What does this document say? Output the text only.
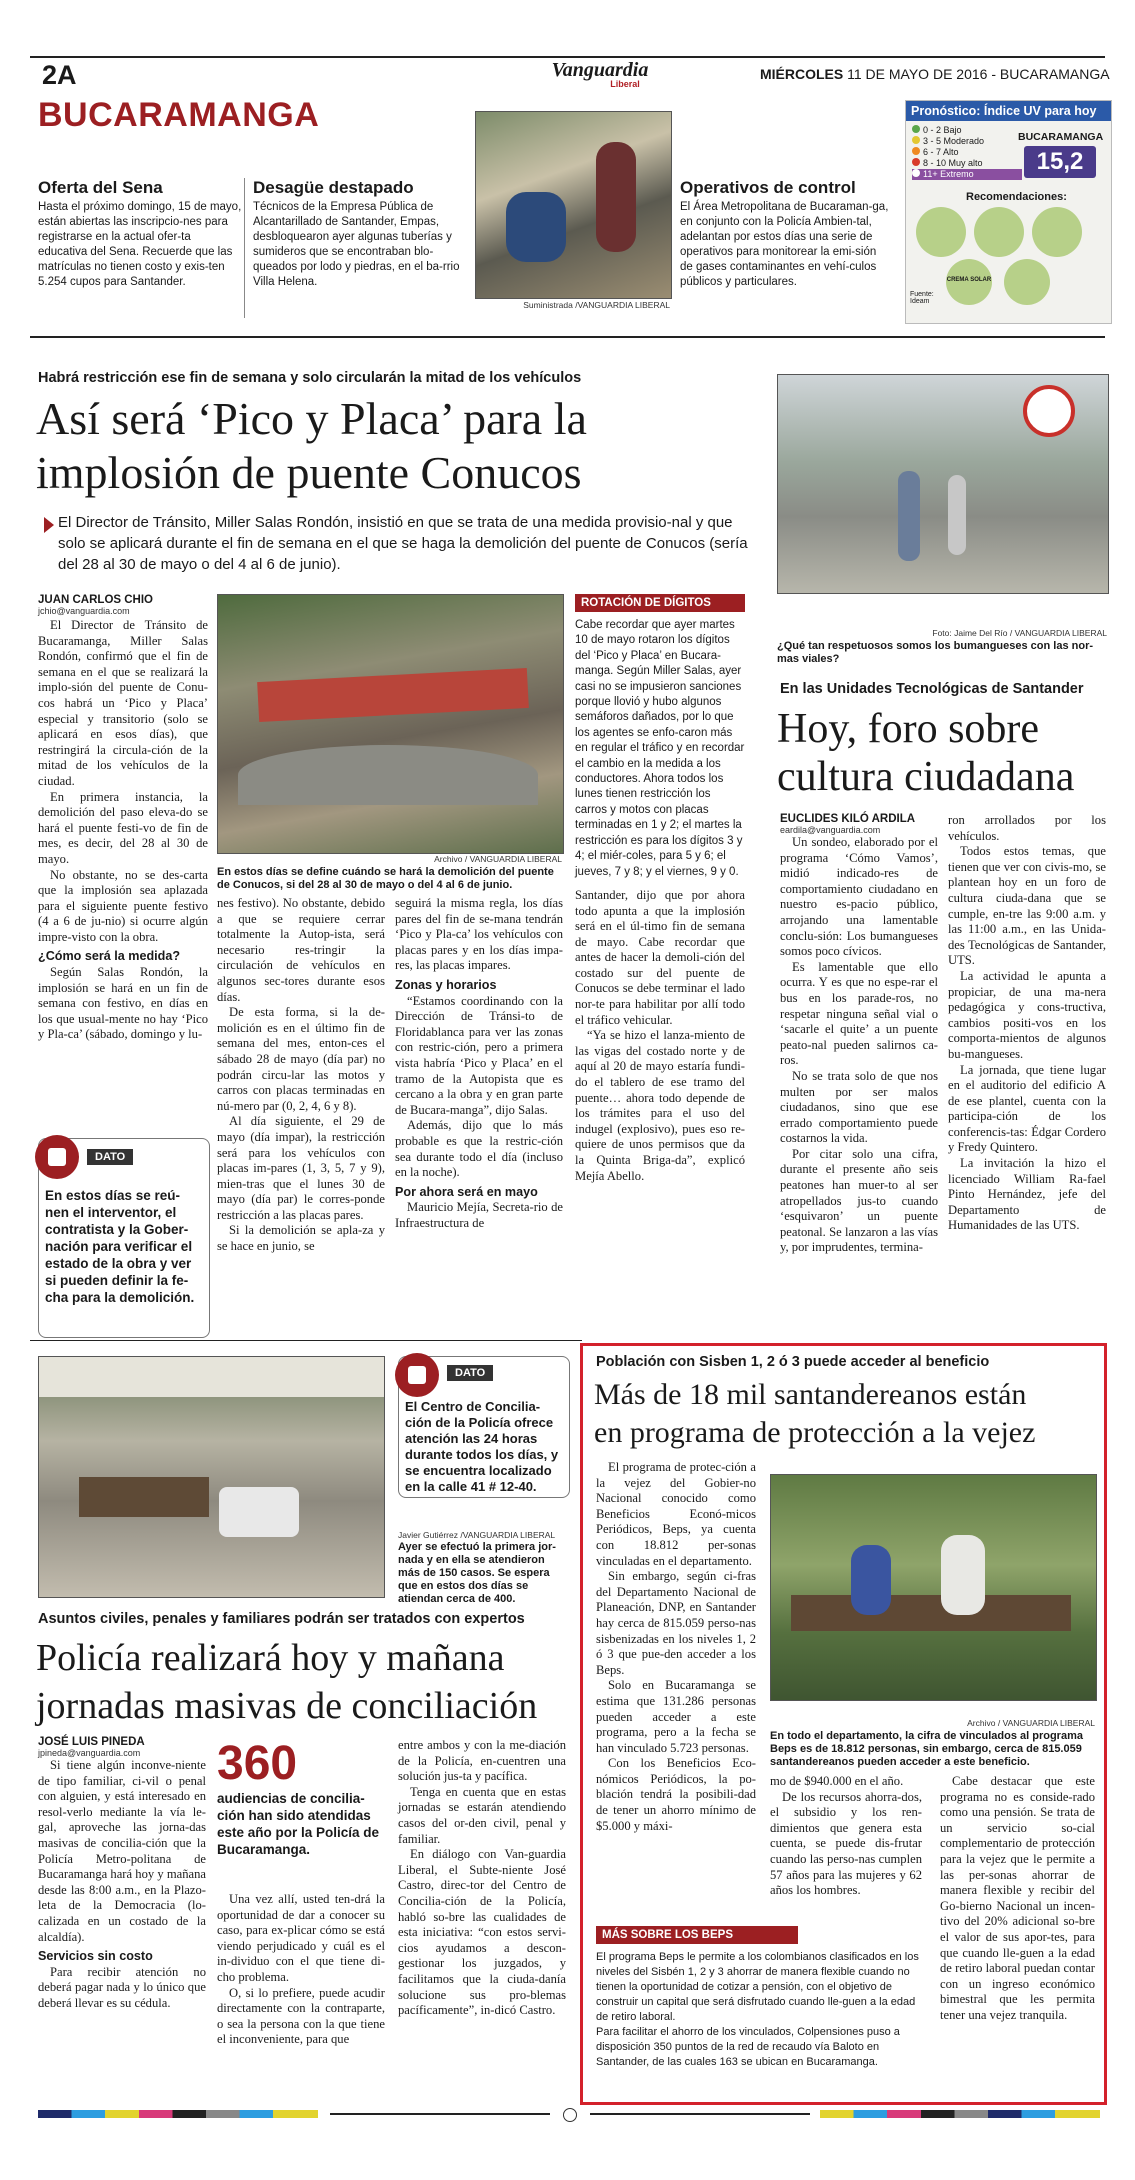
2A	Vanguardia
Liberal
MIÉRCOLES 11 DE MAYO DE 2016 - BUCARAMANGA
BUCARAMANGA
Oferta del Sena
Hasta el próximo domingo, 15 de mayo, están abiertas las inscripcio-nes para registrarse en la actual ofer-ta educativa del Sena. Recuerde que las matrículas no tienen costo y exis-ten 5.254 cupos para Santander.
Desagüe destapado
Técnicos de la Empresa Pública de Alcantarillado de Santander, Empas, desbloquearon ayer algunas tuberías y sumideros que se encontraban blo-queados por lodo y piedras, en el ba-rrio Villa Helena.
Suministrada /VANGUARDIA LIBERAL
Operativos de control
El Área Metropolitana de Bucaraman-ga, en conjunto con la Policía Ambien-tal, adelantan por estos días una serie de operativos para monitorear la emi-sión de gases contaminantes en vehí-culos públicos y particulares.
Pronóstico: Índice UV para hoy
0 - 2 Bajo
3 - 5 Moderado
6 - 7 Alto
8 - 10 Muy alto
11+ Extremo
BUCARAMANGA
15,2
Recomendaciones:
CREMA SOLAR
Fuente: Ideam
Habrá restricción ese fin de semana y solo circularán la mitad de los vehículos
Así será ‘Pico y Placa’ para la
implosión de puente Conucos
El Director de Tránsito, Miller Salas Rondón, insistió en que se trata de una medida provisio-nal y que solo se aplicará durante el fin de semana en el que se haga la demolición del puente de Conucos (sería del 28 al 30 de mayo o del 4 al 6 de junio).
JUAN CARLOS CHIO
jchio@vanguardia.com

El Director de Tránsito de Bucaramanga, Miller Salas Rondón, confirmó que el fin de semana en el que se realizará la implo-sión del puente de Conu-cos habrá un ‘Pico y Placa’ especial y transitorio (solo se aplicará en esos días), que restringirá la circula-ción de la mitad de los vehículos de la ciudad.

En primera instancia, la demolición del paso eleva-do se hará el puente festi-vo de fin de mes, es decir, del 28 al 30 de mayo.

No obstante, no se des-carta que la implosión sea aplazada para el siguiente puente festivo (4 a 6 de ju-nio) si ocurre algún impre-visto con la obra.

¿Cómo será la medida?

Según Salas Rondón, la implosión se hará en un fin de semana con festivo, en días en los que usual-mente no hay ‘Pico y Pla-ca’ (sábado, domingo y lu-

DATO
En estos días se reú-nen el interventor, el contratista y la Gober-nación para verificar el estado de la obra y ver si pueden definir la fe-cha para la demolición.
Archivo / VANGUARDIA LIBERAL
En estos días se define cuándo se hará la demolición del puente de Conucos, si del 28 al 30 de mayo o del 4 al 6 de junio.

nes festivo). No obstante, debido a que se requiere cerrar totalmente la Autop-ista, será necesario res-tringir la circulación de vehículos en algunos sec-tores durante esos días.

De esta forma, si la de-molición es en el último fin de semana del mes, enton-ces el sábado 28 de mayo (día par) no podrán circu-lar las motos y carros con placas terminadas en nú-mero par (0, 2, 4, 6 y 8).

Al día siguiente, el 29 de mayo (día impar), la restricción será para los vehículos con placas im-pares (1, 3, 5, 7 y 9), mien-tras que el lunes 30 de mayo (día par) le corres-ponde restricción a las placas pares.

Si la demolición se apla-za y se hace en junio, se

seguirá la misma regla, los días pares del fin de se-mana tendrán ‘Pico y Pla-ca’ los vehículos con placas pares y en los días impa-res, las placas impares.

Zonas y horarios

“Estamos coordinando con la Dirección de Tránsi-to de Floridablanca para ver las zonas con restric-ción, pero a primera vista habría ‘Pico y Placa’ en el tramo de la Autopista que es cercano a la obra y en gran parte de Bucara-manga”, dijo Salas.

Además, dijo que lo más probable es que la restric-ción sea durante todo el día (incluso en la noche).

Por ahora será en mayo

Mauricio Mejía, Secreta-rio de Infraestructura de

ROTACIÓN DE DÍGITOS
Cabe recordar que ayer martes 10 de mayo rotaron los dígitos del ‘Pico y Placa’ en Bucara-manga. Según Miller Salas, ayer casi no se impusieron sanciones porque llovió y hubo algunos semáforos dañados, por lo que los agentes se enfo-caron más en regular el tráfico y en recordar el cambio en la medida a los conductores. Ahora todos los lunes tienen restricción los carros y motos con placas terminadas en 1 y 2; el martes la restricción es para los dígitos 3 y 4; el miér-coles, para 5 y 6; el jueves, 7 y 8; y el viernes, 9 y 0.

Santander, dijo que por ahora todo apunta a que la implosión será en el úl-timo fin de semana de mayo. Cabe recordar que antes de hacer la demoli-ción del costado sur del puente de Conucos se debe terminar el lado nor-te para habilitar por allí todo el tráfico vehicular.

“Ya se hizo el lanza-miento de las vigas del costado norte y de aquí al 20 de mayo estaría fundi-do el tablero de ese tramo del puente… ahora todo depende de los trámites para el uso del indugel (explosivo), pues eso re-quiere de unos permisos que da la Quinta Briga-da”, explicó Mejía Abello.

Foto: Jaime Del Río / VANGUARDIA LIBERAL
¿Qué tan respetuosos somos los bumangueses con las nor-mas viales?
En las Unidades Tecnológicas de Santander
Hoy, foro sobre
cultura ciudadana
EUCLIDES KILÓ ARDILA
eardila@vanguardia.com

Un sondeo, elaborado por el programa ‘Cómo Vamos’, midió indicado-res de comportamiento ciudadano en nuestro es-pacio público, arrojando una lamentable conclu-sión: Los bumangueses somos poco cívicos.

Es lamentable que ello ocurra. Y es que no espe-rar el bus en los parade-ros, no respetar ninguna señal vial o ‘sacarle el quite’ a un puente peato-nal pueden salirnos ca-ros.

No se trata solo de que nos multen por ser malos ciudadanos, sino que ese errado comportamiento puede costarnos la vida.

Por citar solo una cifra, durante el presente año seis peatones han muer-to al ser atropellados jus-to cuando ‘esquivaron’ un puente peatonal. Se lanzaron a las vías y, por imprudentes, termina-

ron arrollados por los vehículos.

Todos estos temas, que tienen que ver con civis-mo, se plantean hoy en un foro de cultura ciuda-dana que se cumple, en-tre las 9:00 a.m. y las 11:00 a.m., en las Unida-des Tecnológicas de Santander, UTS.

La actividad le apunta a propiciar, de una ma-nera pedagógica y cons-tructiva, cambios positi-vos en los comporta-mientos de algunos bu-mangueses.

La jornada, que tiene lugar en el auditorio del edificio A de ese plantel, cuenta con la participa-ción de los conferencis-tas: Édgar Cordero y Fredy Quintero.

La invitación la hizo el licenciado William Ra-fael Pinto Hernández, jefe del Departamento de Humanidades de las UTS.

DATO
El Centro de Concilia-ción de la Policía ofrece atención las 24 horas durante todos los días, y se encuentra localizado en la calle 41 # 12-40.
Javier Gutiérrez /VANGUARDIA LIBERAL
Ayer se efectuó la primera jor-nada y en ella se atendieron más de 150 casos. Se espera que en estos dos días se atiendan cerca de 400.
Asuntos civiles, penales y familiares podrán ser tratados con expertos
Policía realizará hoy y mañana
jornadas masivas de conciliación
JOSÉ LUIS PINEDA
jpineda@vanguardia.com

Si tiene algún inconve-niente de tipo familiar, ci-vil o penal con alguien, y está interesado en resol-verlo mediante la vía le-gal, aproveche las jorna-das masivas de concilia-ción que la Policía Metro-politana de Bucaramanga hará hoy y mañana desde las 8:00 a.m., en la Plazo-leta de la Democracia (lo-calizada en un costado de la alcaldía).

Servicios sin costo

Para recibir atención no deberá pagar nada y lo único que deberá llevar es su cédula.

360
audiencias de concilia-ción han sido atendidas este año por la Policía de Bucaramanga.

Una vez allí, usted ten-drá la oportunidad de dar a conocer su caso, para ex-plicar cómo se está viendo perjudicado y cuál es el in-dividuo con el que tiene di-cho problema.

O, si lo prefiere, puede acudir directamente con la contraparte, o sea la persona con la que tiene el inconveniente, para que

entre ambos y con la me-diación de la Policía, en-cuentren una solución jus-ta y pacífica.

Tenga en cuenta que en estas jornadas se estarán atendiendo casos del or-den civil, penal y familiar.

En diálogo con Van-guardia Liberal, el Subte-niente José Castro, direc-tor del Centro de Concilia-ción de la Policía, habló so-bre las cualidades de esta iniciativa: “con estos servi-cios ayudamos a descon-gestionar los juzgados, y facilitamos que la ciuda-danía solucione sus pro-blemas pacíficamente”, in-dicó Castro.

Población con Sisben 1, 2 ó 3 puede acceder al beneficio
Más de 18 mil santandereanos están
en programa de protección a la vejez

El programa de protec-ción a la vejez del Gobier-no Nacional conocido como Beneficios Econó-micos Periódicos, Beps, ya cuenta con 18.812 per-sonas vinculadas en el departamento.

Sin embargo, según ci-fras del Departamento Nacional de Planeación, DNP, en Santander hay cerca de 815.059 perso-nas sisbenizadas en los niveles 1, 2 ó 3 que pue-den acceder a los Beps.

Solo en Bucaramanga se estima que 131.286 personas pueden acceder a este programa, pero a la fecha se han vinculado 5.723 personas.

Con los Beneficios Eco-nómicos Periódicos, la po-blación tendrá la posibili-dad de tener un ahorro mínimo de $5.000 y máxi-

Archivo / VANGUARDIA LIBERAL
En todo el departamento, la cifra de vinculados al programa Beps es de 18.812 personas, sin embargo, cerca de 815.059 santandereanos pueden acceder a este beneficio.

mo de $940.000 en el año.

De los recursos ahorra-dos, el subsidio y los ren-dimientos que genera esta cuenta, se puede dis-frutar cuando las perso-nas cumplen 57 años para las mujeres y 62 años los hombres.

Cabe destacar que este programa no es conside-rado como una pensión. Se trata de un servicio so-cial complementario de protección para la vejez que le permite a las per-sonas ahorrar de manera flexible y recibir del Go-bierno Nacional un incen-tivo del 20% adicional so-bre el valor de sus apor-tes, para que cuando lle-guen a la edad de retiro laboral puedan contar con un ingreso económico bimestral que les permita tener una vejez tranquila.

MÁS SOBRE LOS BEPS
El programa Beps le permite a los colombianos clasificados en los niveles del Sisbén 1, 2 y 3 ahorrar de manera flexible cuando no tienen la oportunidad de cotizar a pensión, con el objetivo de construir un capital que será disfrutado cuando lle-guen a la edad de retiro laboral.
Para facilitar el ahorro de los vinculados, Colpensiones puso a disposición 350 puntos de la red de recaudo vía Baloto en Santander, de las cuales 163 se ubican en Bucaramanga.
